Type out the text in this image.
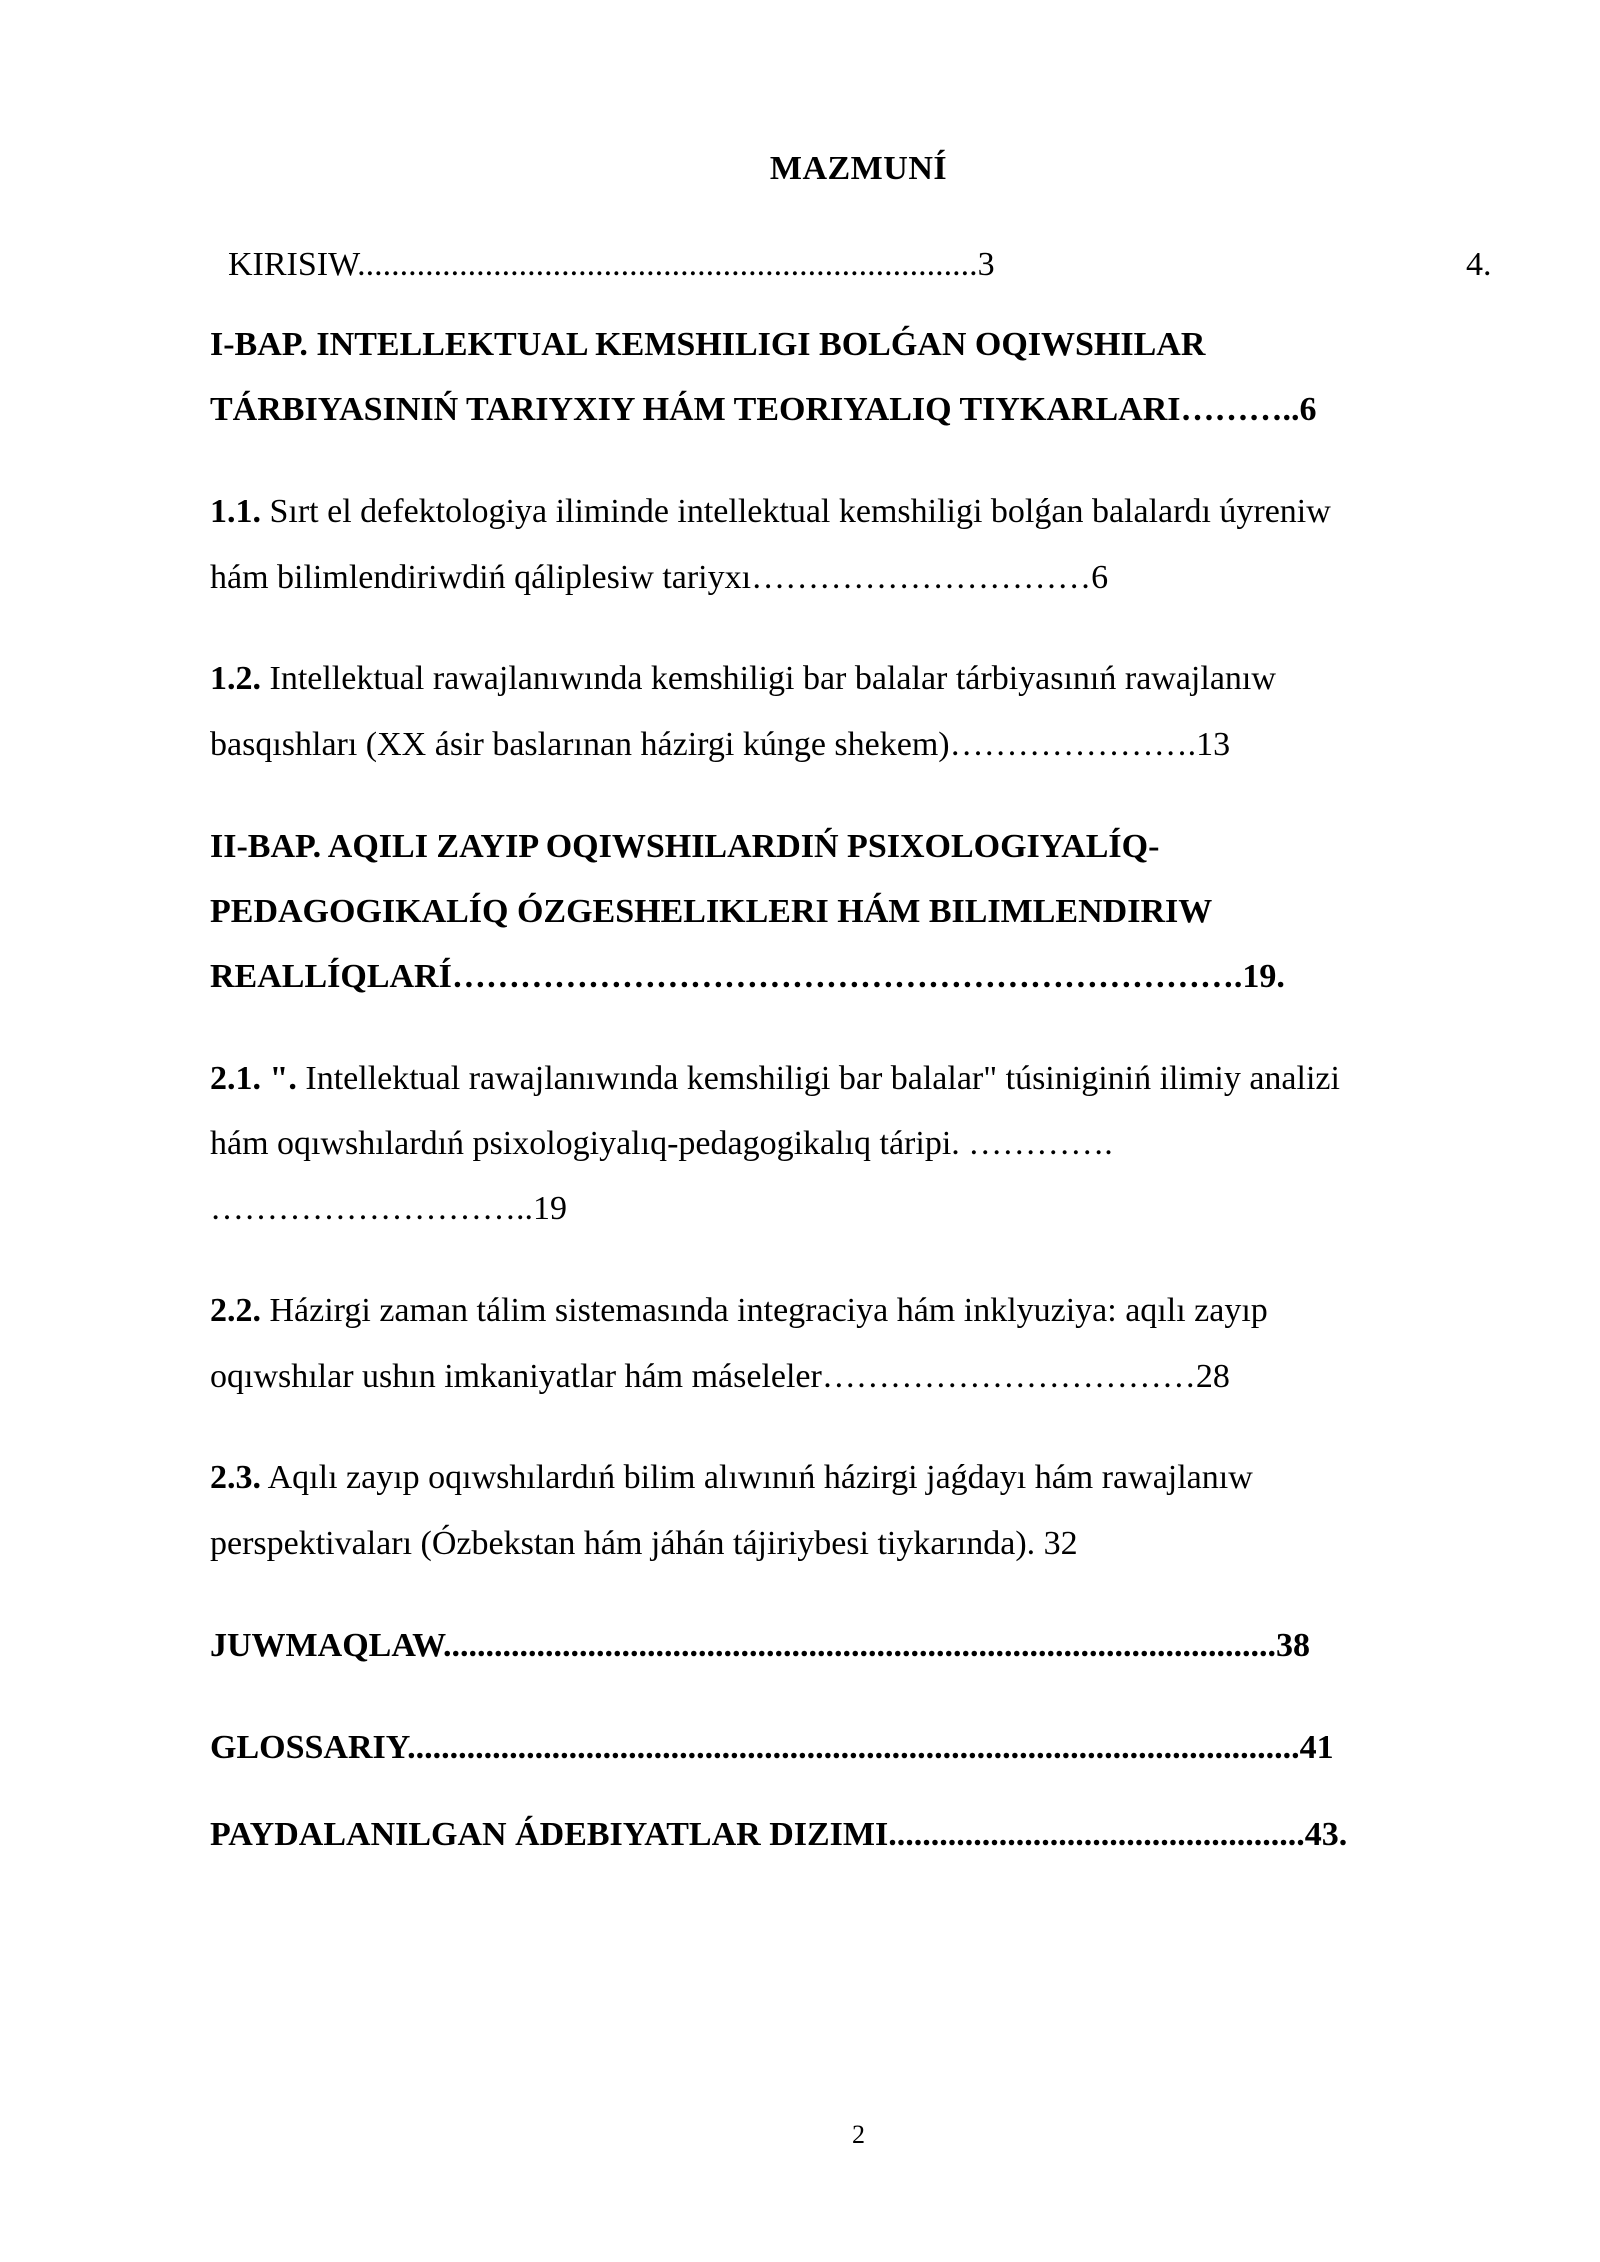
MAZMUNÍ
KIRISIW.........................................................................3	4.
I-BAP. INTELLEKTUAL KEMSHILIGI BOLǴAN OQIWSHILAR
TÁRBIYASINIŃ TARIYXIY HÁM TEORIYALIQ TIYKARLARI………..6
1.1. Sırt el defektologiya iliminde intellektual kemshiligi bolǵan balalardı úyreniw
hám bilimlendiriwdiń qáliplesiw tariyxı…………………………6
1.2. Intellektual rawajlanıwında kemshiligi bar balalar tárbiyasınıń rawajlanıw
basqıshları (XX ásir baslarınan házirgi kúnge shekem)………………….13
II-BAP. AQILI ZAYIP OQIWSHILARDIŃ PSIXOLOGIYALÍQ-
PEDAGOGIKALÍQ ÓZGESHELIKLERI HÁM BILIMLENDIRIW
REALLÍQLARÍ…………………………………………………………….19.
2.1. ". Intellektual rawajlanıwında kemshiligi bar balalar" túsiniginiń ilimiy analizi
hám oqıwshılardıń psixologiyalıq-pedagogikalıq táripi. ………….
………………………..19
2.2. Házirgi zaman tálim sistemasında integraciya hám inklyuziya: aqılı zayıp
oqıwshılar ushın imkaniyatlar hám máseleler……………………………28
2.3. Aqılı zayıp oqıwshılardıń bilim alıwınıń házirgi jaǵdayı hám rawajlanıw
perspektivaları (Ózbekstan hám jáhán tájiriybesi tiykarında). 32
JUWMAQLAW..................................................................................................38
GLOSSARIY.........................................................................................................41
PAYDALANILGAN ÁDEBIYATLAR DIZIMI.................................................43.
2
